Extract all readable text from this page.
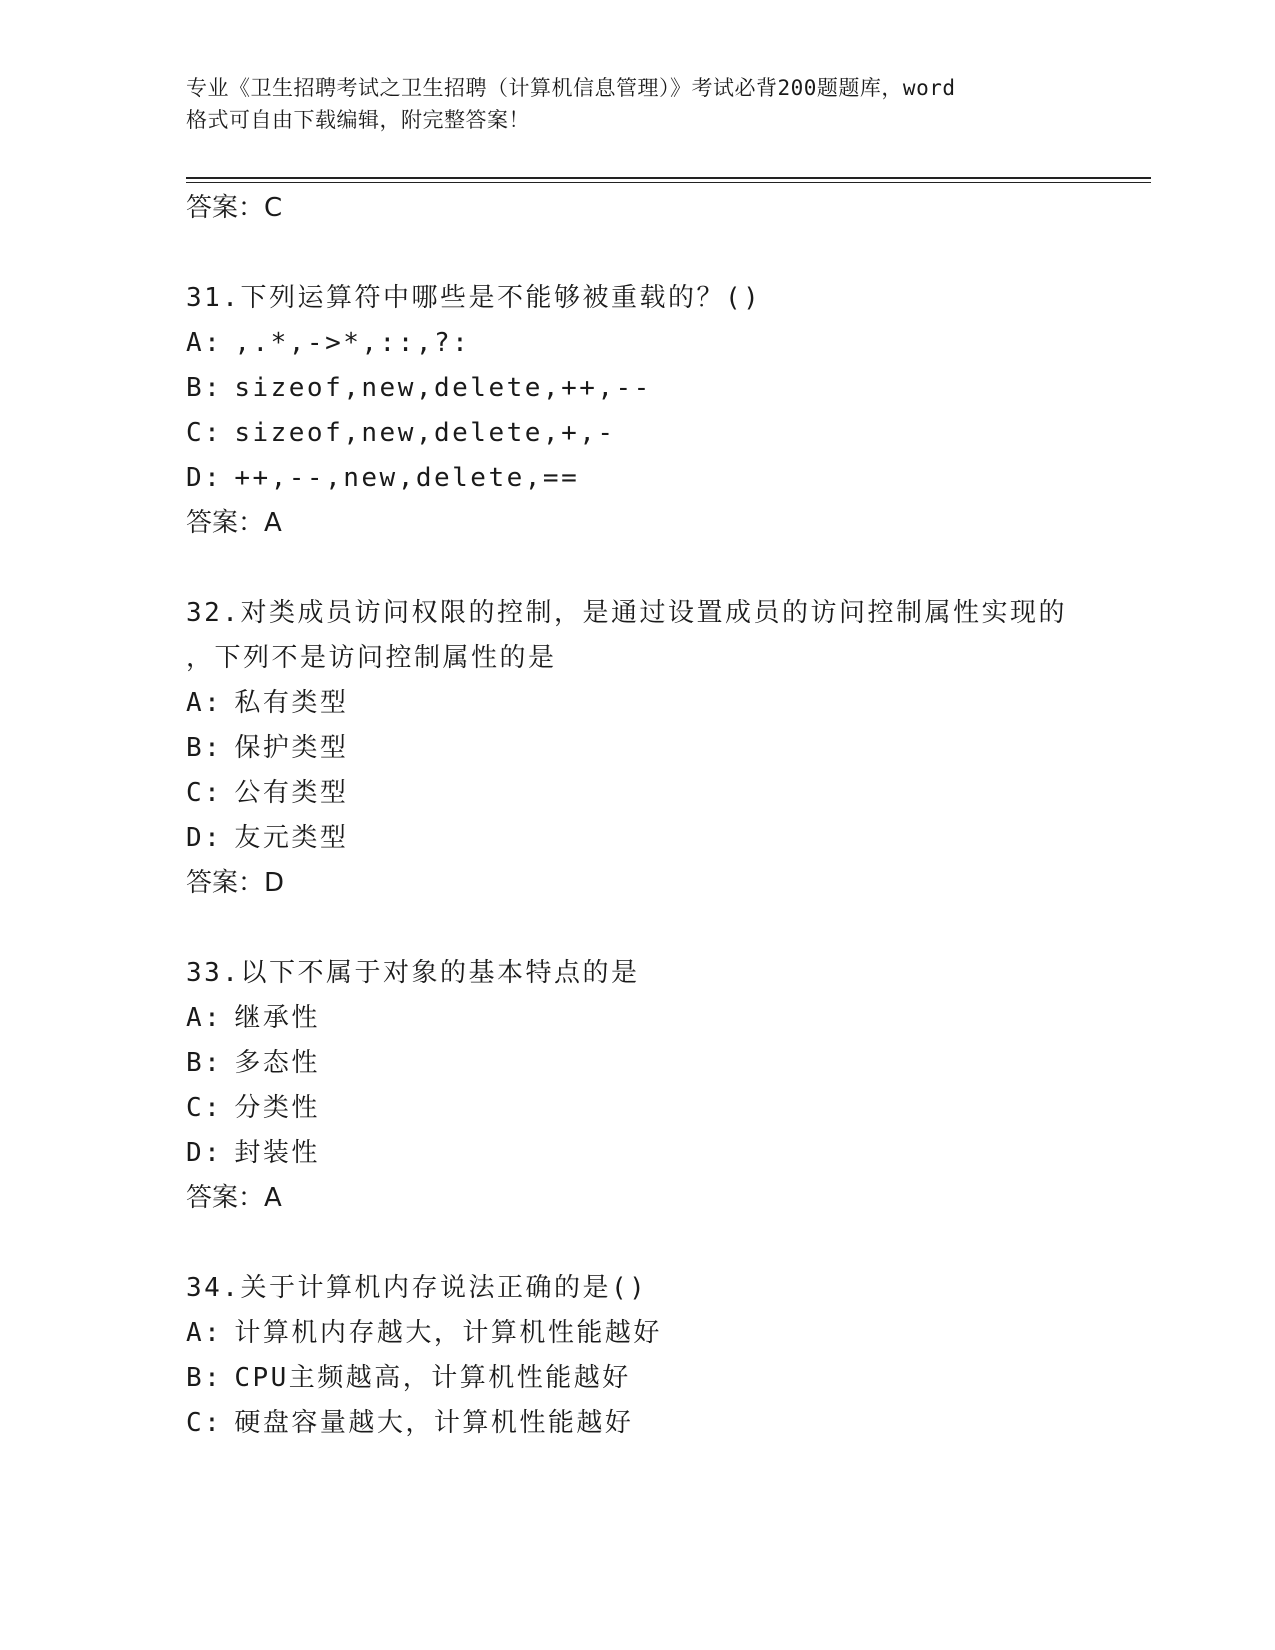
专业《卫生招聘考试之卫生招聘（计算机信息管理）》考试必背200题题库，word
格式可自由下载编辑，附完整答案！

答案：C

31.下列运算符中哪些是不能够被重载的？()

A: ,.*,->*,::,?:

B: sizeof,new,delete,++,--

C: sizeof,new,delete,+,-

D: ++,--,new,delete,==

答案：A

32.对类成员访问权限的控制，是通过设置成员的访问控制属性实现的

，下列不是访问控制属性的是

A: 私有类型

B: 保护类型

C: 公有类型

D: 友元类型

答案：D

33.以下不属于对象的基本特点的是

A: 继承性

B: 多态性

C: 分类性

D: 封装性

答案：A

34.关于计算机内存说法正确的是()

A: 计算机内存越大，计算机性能越好

B: CPU主频越高，计算机性能越好

C: 硬盘容量越大，计算机性能越好
